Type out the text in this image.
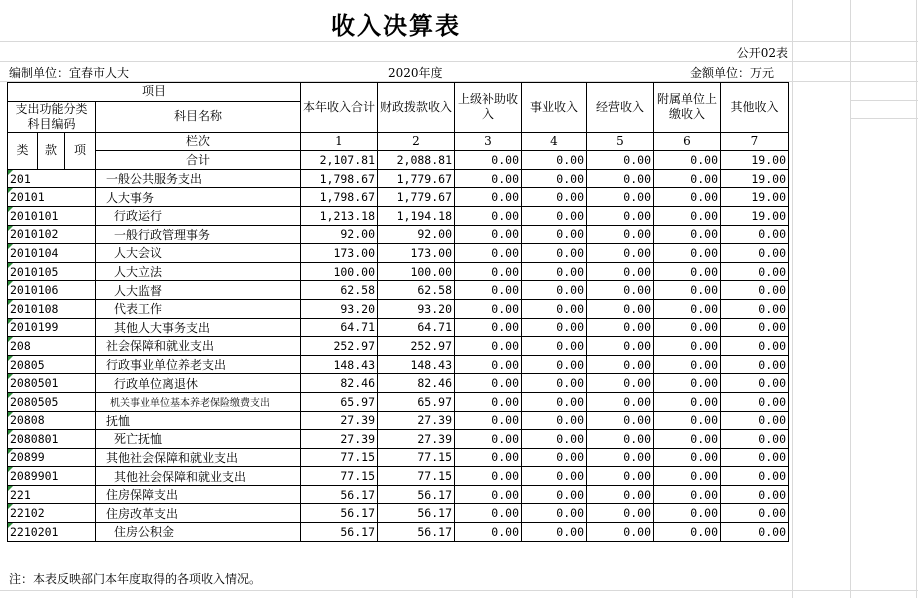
收入决算表
公开02表
编制单位：宜春市人大	2020年度	金额单位：万元
项目				本年收入合计	财政拨款收入	上级补助收入	事业收入	经营收入	附属单位上缴收入	其他收入
支出功能分类科目编码			科目名称							

类	款	项	栏次	1	2	3	4	5	6	7
			合计	2,107.81	2,088.81	0.00	0.00	0.00	0.00	19.00

201			一般公共服务支出	1,798.67	1,779.67	0.00	0.00	0.00	0.00	19.00

20101			人大事务	1,798.67	1,779.67	0.00	0.00	0.00	0.00	19.00

2010101			行政运行	1,213.18	1,194.18	0.00	0.00	0.00	0.00	19.00

2010102			一般行政管理事务	92.00	92.00	0.00	0.00	0.00	0.00	0.00

2010104			人大会议	173.00	173.00	0.00	0.00	0.00	0.00	0.00

2010105			人大立法	100.00	100.00	0.00	0.00	0.00	0.00	0.00

2010106			人大监督	62.58	62.58	0.00	0.00	0.00	0.00	0.00

2010108			代表工作	93.20	93.20	0.00	0.00	0.00	0.00	0.00

2010199			其他人大事务支出	64.71	64.71	0.00	0.00	0.00	0.00	0.00

208			社会保障和就业支出	252.97	252.97	0.00	0.00	0.00	0.00	0.00

20805			行政事业单位养老支出	148.43	148.43	0.00	0.00	0.00	0.00	0.00

2080501			行政单位离退休	82.46	82.46	0.00	0.00	0.00	0.00	0.00

2080505			机关事业单位基本养老保险缴费支出	65.97	65.97	0.00	0.00	0.00	0.00	0.00

20808			抚恤	27.39	27.39	0.00	0.00	0.00	0.00	0.00

2080801			死亡抚恤	27.39	27.39	0.00	0.00	0.00	0.00	0.00

20899			其他社会保障和就业支出	77.15	77.15	0.00	0.00	0.00	0.00	0.00

2089901			其他社会保障和就业支出	77.15	77.15	0.00	0.00	0.00	0.00	0.00

221			住房保障支出	56.17	56.17	0.00	0.00	0.00	0.00	0.00

22102			住房改革支出	56.17	56.17	0.00	0.00	0.00	0.00	0.00

2210201			住房公积金	56.17	56.17	0.00	0.00	0.00	0.00	0.00
注：本表反映部门本年度取得的各项收入情况。
